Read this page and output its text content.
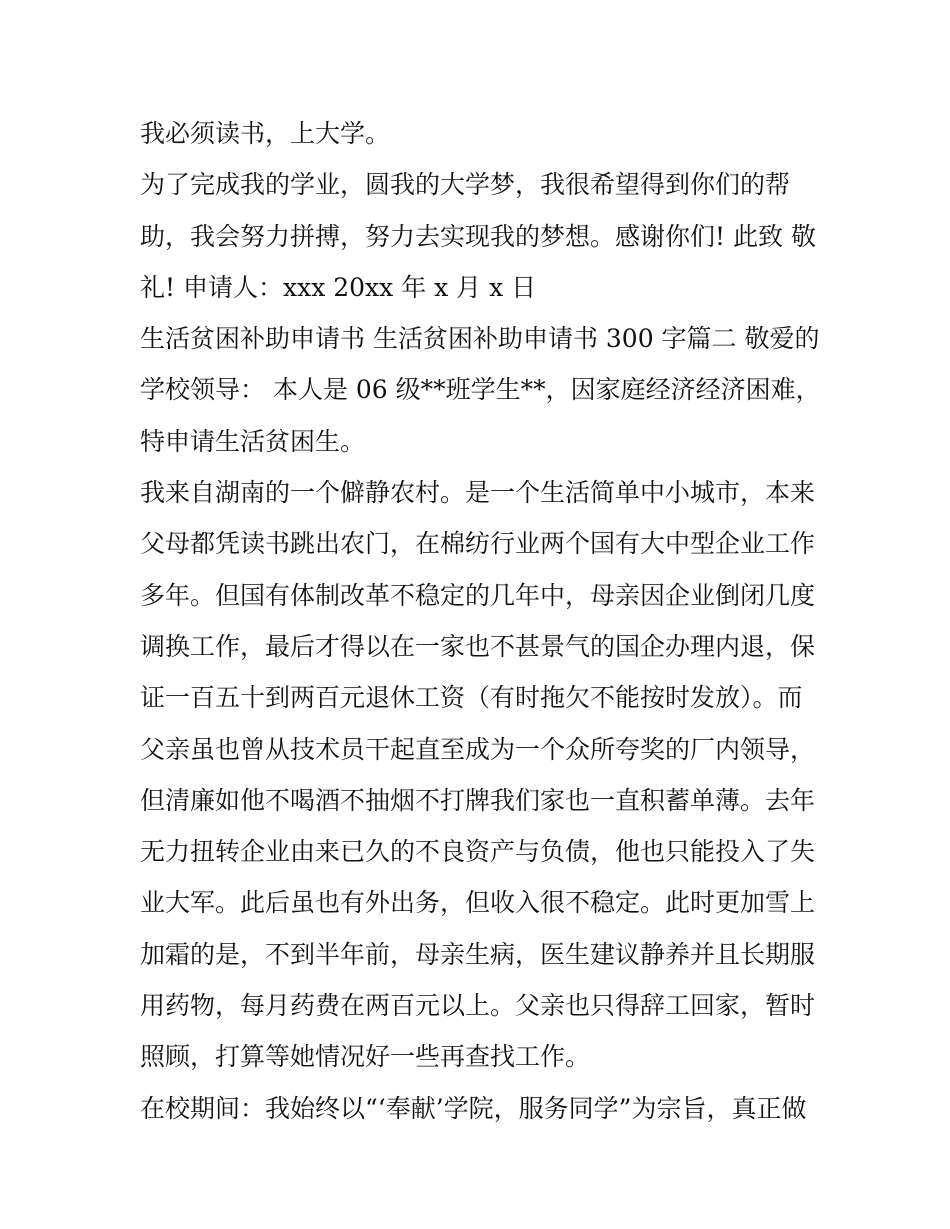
我必须读书，上大学。
为了完成我的学业，圆我的大学梦，我很希望得到你们的帮
助，我会努力拼搏，努力去实现我的梦想。感谢你们! 此致 敬
礼! 申请人：xxx 20xx 年 x 月 x 日
生活贫困补助申请书 生活贫困补助申请书 300 字篇二 敬爱的
学校领导： 本人是 06 级**班学生**，因家庭经济经济困难，
特申请生活贫困生。
我来自湖南的一个僻静农村。是一个生活简单中小城市，本来
父母都凭读书跳出农门，在棉纺行业两个国有大中型企业工作
多年。但国有体制改革不稳定的几年中，母亲因企业倒闭几度
调换工作，最后才得以在一家也不甚景气的国企办理内退，保
证一百五十到两百元退休工资（有时拖欠不能按时发放）。而
父亲虽也曾从技术员干起直至成为一个众所夸奖的厂内领导，
但清廉如他不喝酒不抽烟不打牌我们家也一直积蓄单薄。去年
无力扭转企业由来已久的不良资产与负债，他也只能投入了失
业大军。此后虽也有外出务，但收入很不稳定。此时更加雪上
加霜的是，不到半年前，母亲生病，医生建议静养并且长期服
用药物，每月药费在两百元以上。父亲也只得辞工回家，暂时
照顾，打算等她情况好一些再查找工作。
在校期间：我始终以“‘奉献’学院，服务同学”为宗旨，真正做
